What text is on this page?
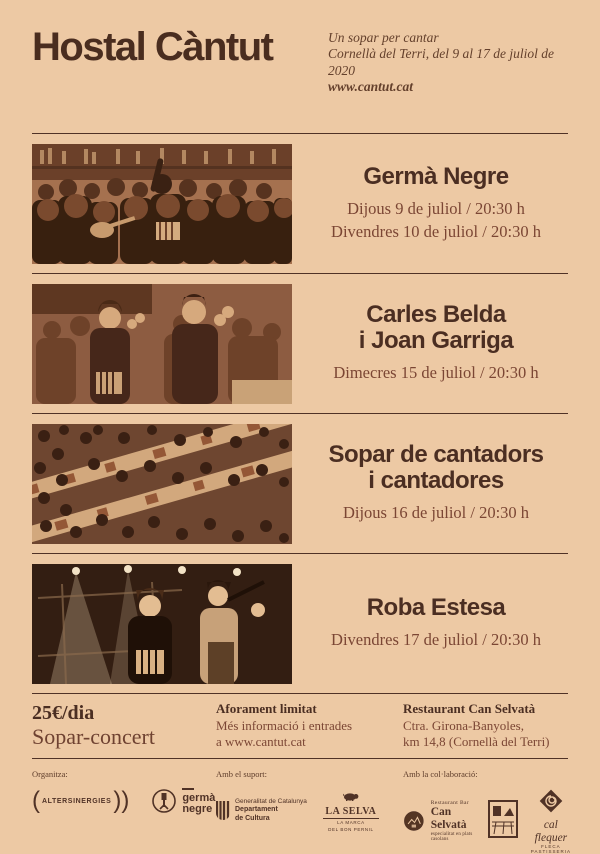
Hostal Càntut	Un sopar per cantar
Cornellà del Terri, del 9 al 17 de juliol de 2020
www.cantut.cat
Germà Negre
Dijous 9 de juliol / 20:30 h
Divendres 10 de juliol / 20:30 h
Carles Belda
i Joan Garriga
Dimecres 15 de juliol / 20:30 h
Sopar de cantadors
i cantadores
Dijous 16 de juliol / 20:30 h
Roba Estesa
Divendres 17 de juliol / 20:30 h
25€/dia
Sopar-concert
Aforament limitat
Més informació i entrades
a www.cantut.cat
Restaurant Can Selvatà
Ctra. Girona-Banyoles,
km 14,8 (Cornellà del Terri)
Organitza:
( ALTERSINERGIES ))	germà
negre
Amb el suport:
Generalitat de Catalunya
Departament
de Cultura
LA SELVA
LA MARCA
DEL BON PERNIL
Amb la col·laboració:
Restaurant Bar
Can Selvatà
especialitat en plats casolans
cal flequer
FLECA PASTISSERIA
